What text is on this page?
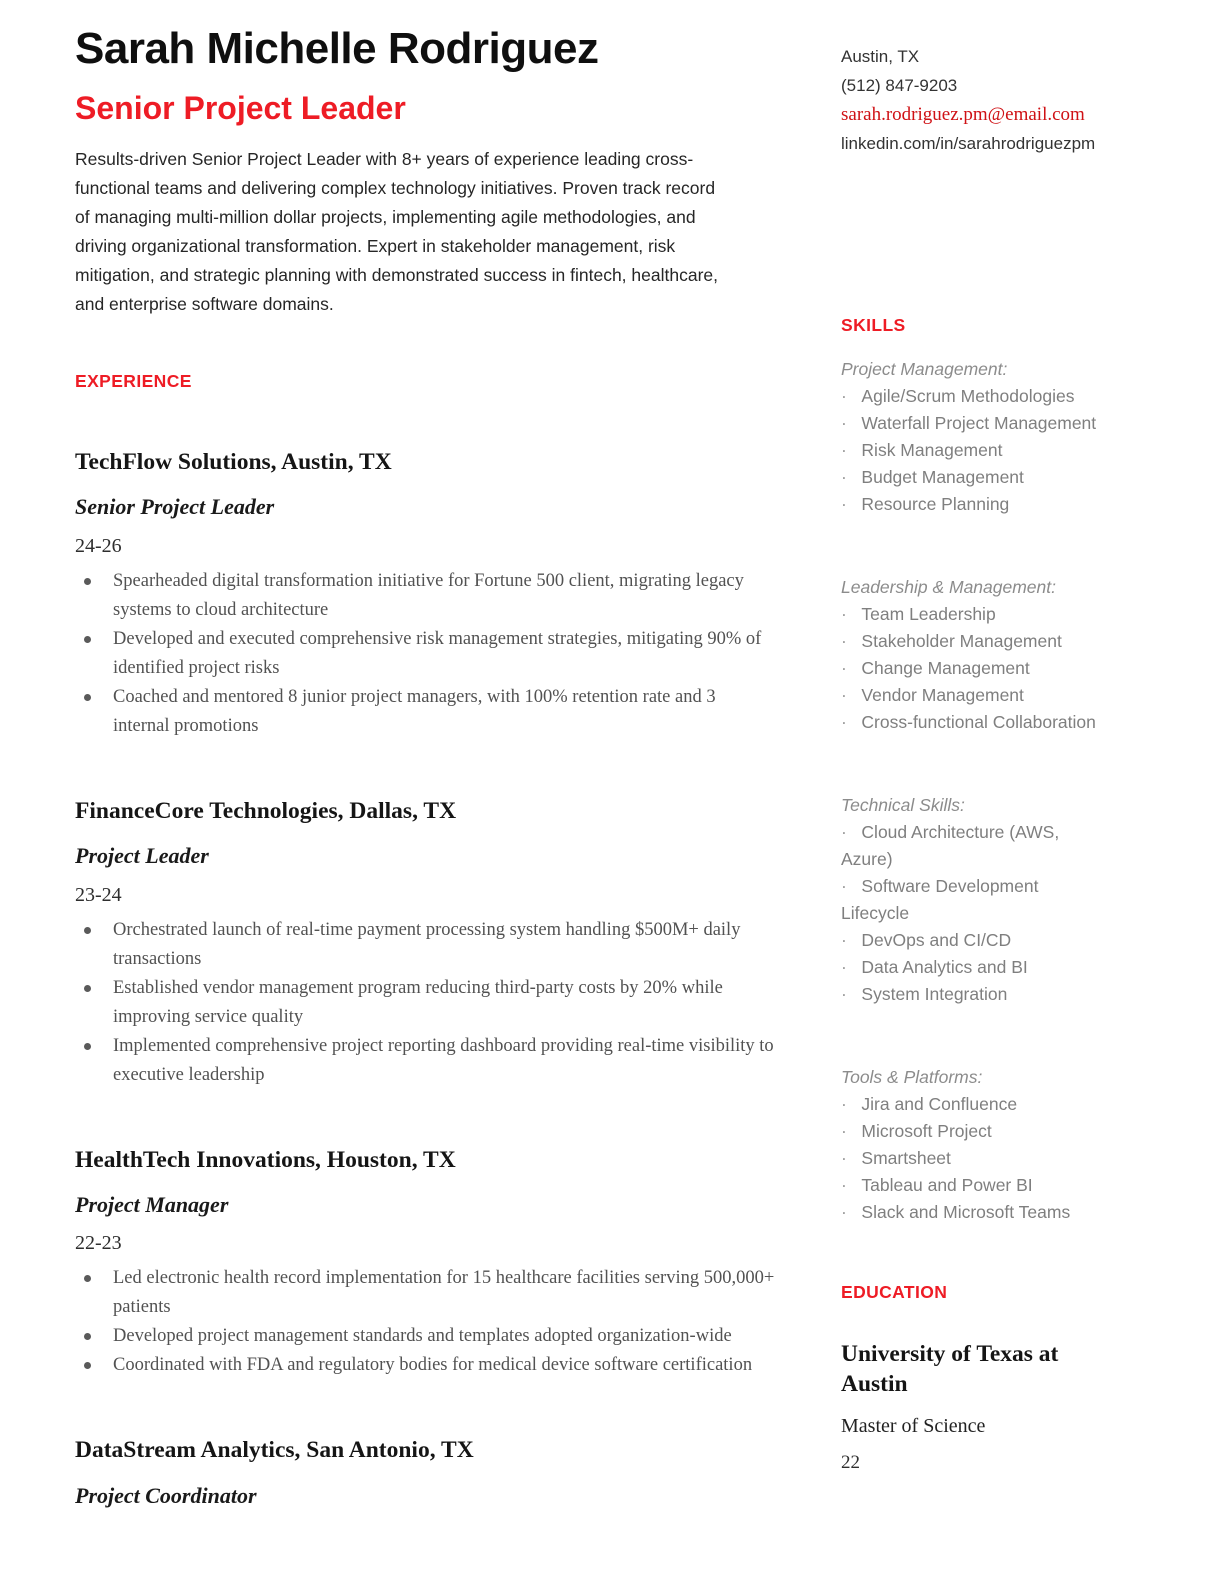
Sarah Michelle Rodriguez
Senior Project Leader

Results-driven Senior Project Leader with 8+ years of experience leading cross-functional teams and delivering complex technology initiatives. Proven track record of managing multi-million dollar projects, implementing agile methodologies, and driving organizational transformation. Expert in stakeholder management, risk mitigation, and strategic planning with demonstrated success in fintech, healthcare, and enterprise software domains.

EXPERIENCE
TechFlow Solutions, Austin, TX
Senior Project Leader
24-26
Spearheaded digital transformation initiative for Fortune 500 client, migrating legacy systems to cloud architecture
Developed and executed comprehensive risk management strategies, mitigating 90% of identified project risks
Coached and mentored 8 junior project managers, with 100% retention rate and 3 internal promotions
FinanceCore Technologies, Dallas, TX
Project Leader
23-24
Orchestrated launch of real-time payment processing system handling $500M+ daily transactions
Established vendor management program reducing third-party costs by 20% while improving service quality
Implemented comprehensive project reporting dashboard providing real-time visibility to executive leadership
HealthTech Innovations, Houston, TX
Project Manager
22-23
Led electronic health record implementation for 15 healthcare facilities serving 500,000+ patients
Developed project management standards and templates adopted organization-wide
Coordinated with FDA and regulatory bodies for medical device software certification
DataStream Analytics, San Antonio, TX
Project Coordinator
Austin, TX
(512) 847-9203
sarah.rodriguez.pm@email.com
linkedin.com/in/sarahrodriguezpm
SKILLS
Project Management:
·   Agile/Scrum Methodologies
·   Waterfall Project Management
·   Risk Management
·   Budget Management
·   Resource Planning
Leadership & Management:
·   Team Leadership
·   Stakeholder Management
·   Change Management
·   Vendor Management
·   Cross-functional Collaboration
Technical Skills:
·   Cloud Architecture (AWS, Azure)
·   Software Development Lifecycle
·   DevOps and CI/CD
·   Data Analytics and BI
·   System Integration
Tools & Platforms:
·   Jira and Confluence
·   Microsoft Project
·   Smartsheet
·   Tableau and Power BI
·   Slack and Microsoft Teams
EDUCATION
University of Texas at Austin
Master of Science
22
